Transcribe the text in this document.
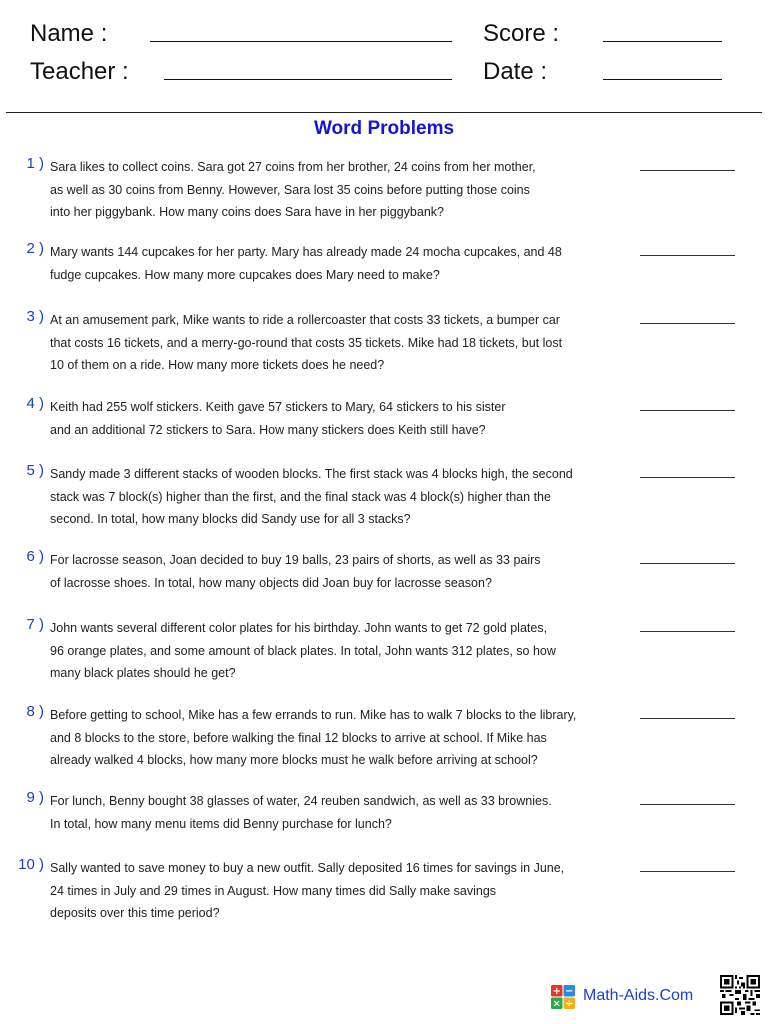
Name :
Teacher :
Score :
Date :
Word Problems
1 ) Sara likes to collect coins. Sara got 27 coins from her brother, 24 coins from her mother,
as well as 30 coins from Benny. However, Sara lost 35 coins before putting those coins
into her piggybank. How many coins does Sara have in her piggybank?
2 ) Mary wants 144 cupcakes for her party. Mary has already made 24 mocha cupcakes, and 48
fudge cupcakes. How many more cupcakes does Mary need to make?
3 ) At an amusement park, Mike wants to ride a rollercoaster that costs 33 tickets, a bumper car
that costs 16 tickets, and a merry-go-round that costs 35 tickets. Mike had 18 tickets, but lost
10 of them on a ride. How many more tickets does he need?
4 ) Keith had 255 wolf stickers. Keith gave 57 stickers to Mary, 64 stickers to his sister
and an additional 72 stickers to Sara. How many stickers does Keith still have?
5 ) Sandy made 3 different stacks of wooden blocks. The first stack was 4 blocks high, the second
stack was 7 block(s) higher than the first, and the final stack was 4 block(s) higher than the
second. In total, how many blocks did Sandy use for all 3 stacks?
6 ) For lacrosse season, Joan decided to buy 19 balls, 23 pairs of shorts, as well as 33 pairs
of lacrosse shoes. In total, how many objects did Joan buy for lacrosse season?
7 ) John wants several different color plates for his birthday. John wants to get 72 gold plates,
96 orange plates, and some amount of black plates. In total, John wants 312 plates, so how
many black plates should he get?
8 ) Before getting to school, Mike has a few errands to run. Mike has to walk 7 blocks to the library,
and 8 blocks to the store, before walking the final 12 blocks to arrive at school. If Mike has
already walked 4 blocks, how many more blocks must he walk before arriving at school?
9 ) For lunch, Benny bought 38 glasses of water, 24 reuben sandwich, as well as 33 brownies.
In total, how many menu items did Benny purchase for lunch?
10 ) Sally wanted to save money to buy a new outfit. Sally deposited 16 times for savings in June,
24 times in July and 29 times in August. How many times did Sally make savings
deposits over this time period?
+ −
× ÷ Math-Aids.Com
